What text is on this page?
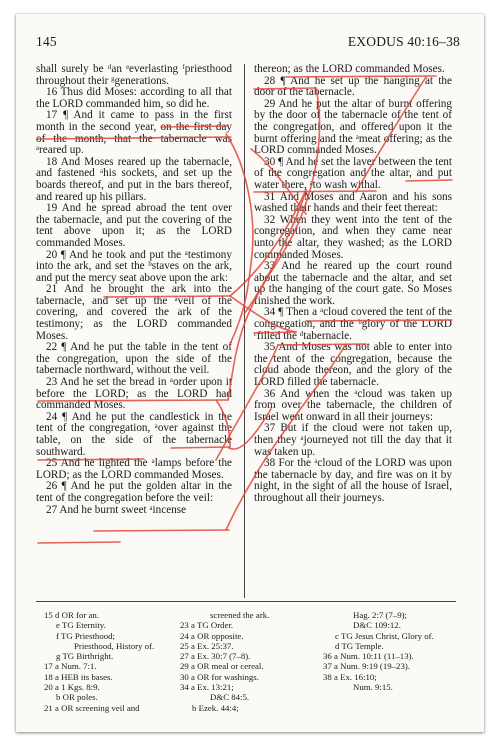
145	EXODUS 40:16–38

shall surely be ᵈan ᵉeverlasting ᶠpriesthood throughout their ᵍgenerations.

16 Thus did Moses: according to all that the LORD commanded him, so did he.

17 ¶ And it came to pass in the first month in the second year, on the first day of the month, that the tabernacle was ᵃreared up.

18 And Moses reared up the tabernacle, and fastened ᵃhis sockets, and set up the boards thereof, and put in the bars thereof, and reared up his pillars.

19 And he spread abroad the tent over the tabernacle, and put the covering of the tent above upon it; as the LORD commanded Moses.

20 ¶ And he took and put the ᵃtestimony into the ark, and set the ᵇstaves on the ark, and put the mercy seat above upon the ark:

21 And he brought the ark into the tabernacle, and set up the ᵃveil of the covering, and covered the ark of the testimony; as the LORD commanded Moses.

22 ¶ And he put the table in the tent of the congregation, upon the side of the tabernacle northward, without the veil.

23 And he set the bread in ᵃorder upon it before the LORD; as the LORD had commanded Moses.

24 ¶ And he put the candlestick in the tent of the congregation, ᵃover against the table, on the side of the tabernacle southward.

25 And he lighted the ᵃlamps before the LORD; as the LORD commanded Moses.

26 ¶ And he put the golden altar in the tent of the congregation before the veil:

27 And he burnt sweet ᵃincense

thereon; as the LORD commanded Moses.

28 ¶ And he set up the hanging at the door of the tabernacle.

29 And he put the altar of burnt offering by the door of the tabernacle of the tent of the congregation, and offered upon it the burnt offering and the ᵃmeat offering; as the LORD commanded Moses.

30 ¶ And he set the laver between the tent of the congregation and the altar, and put water there, ᵃto wash withal.

31 And Moses and Aaron and his sons washed their hands and their feet thereat:

32 When they went into the tent of the congregation, and when they came near unto the altar, they washed; as the LORD commanded Moses.

33 And he reared up the court round about the tabernacle and the altar, and set up the hanging of the court gate. So Moses finished the work.

34 ¶ Then a ᵃcloud covered the tent of the congregation, and the ᵇglory of the LORD ᶜfilled the ᵈtabernacle.

35 And Moses was not able to enter into the tent of the congregation, because the cloud abode thereon, and the glory of the LORD filled the tabernacle.

36 And when the ᵃcloud was taken up from over the tabernacle, the children of Israel went onward in all their journeys:

37 But if the cloud were not taken up, then they ᵃjourneyed not till the day that it was taken up.

38 For the ᵃcloud of the LORD was upon the tabernacle by day, and fire was on it by night, in the sight of all the house of Israel, throughout all their journeys.

15 d OR for an.
e TG Eternity.
f TG Priesthood;
Priesthood, History of.
g TG Birthright.
17 a Num. 7:1.
18 a HEB its bases.
20 a 1 Kgs. 8:9.
b OR poles.
21 a OR screening veil and
screened the ark.
23 a TG Order.
24 a OR opposite.
25 a Ex. 25:37.
27 a Ex. 30:7 (7–8).
29 a OR meal or cereal.
30 a OR for washings.
34 a Ex. 13:21;
D&C 84:5.
b Ezek. 44:4;
Hag. 2:7 (7–9);
D&C 109:12.
c TG Jesus Christ, Glory of.
d TG Temple.
36 a Num. 10:11 (11–13).
37 a Num. 9:19 (19–23).
38 a Ex. 16:10;
Num. 9:15.
